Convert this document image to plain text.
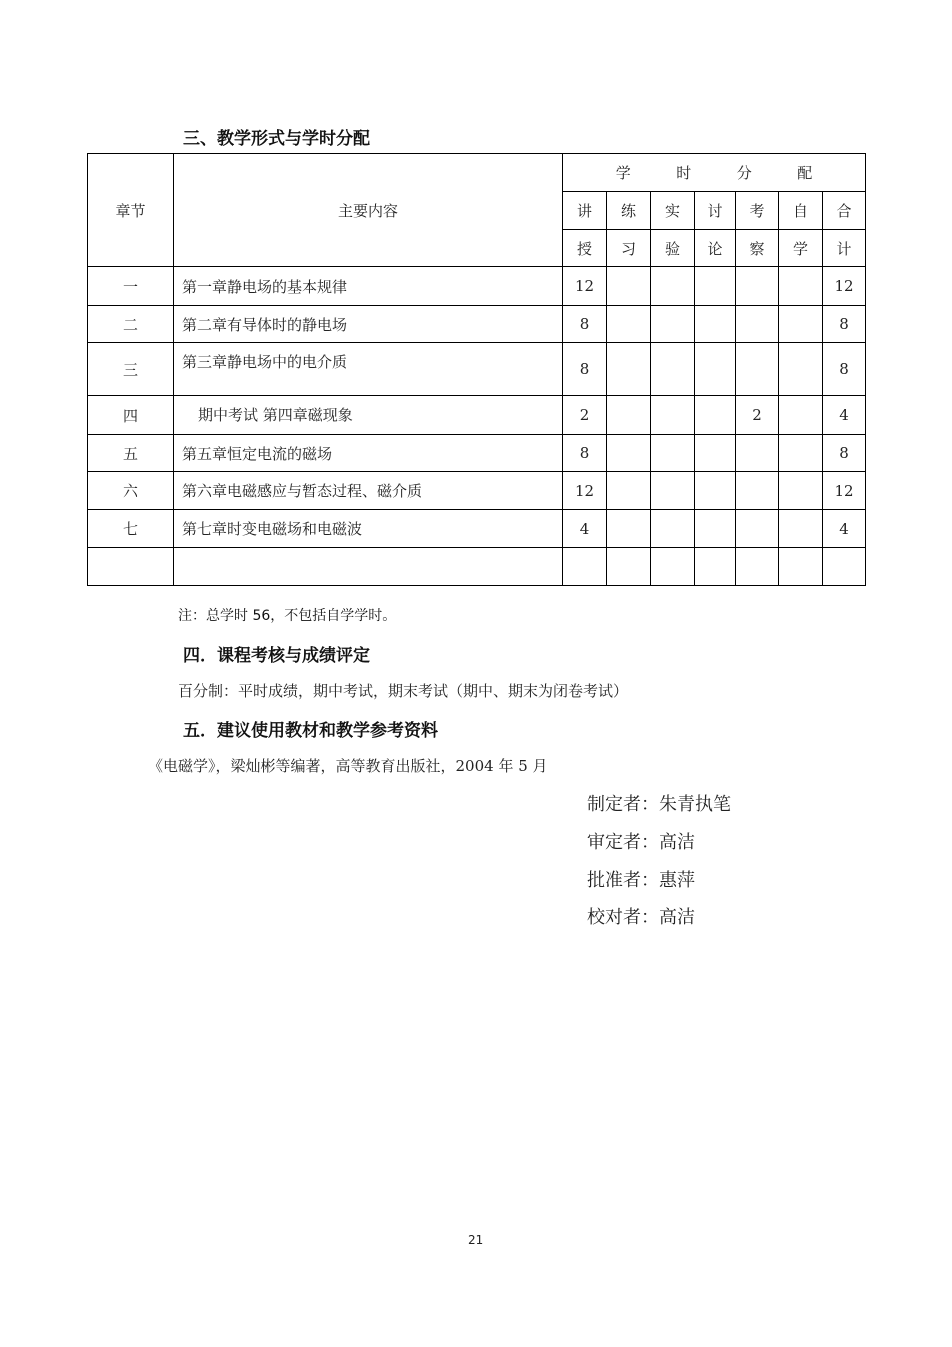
三、教学形式与学时分配
章节	主要内容	学 时 分 配						

		讲	练	实	讨	考	自	合
		授	习	验	论	察	学	计
一	第一章静电场的基本规律	12						12
二	第二章有导体时的静电场	8						8
三	第三章静电场中的电介质	8						8
四	期中考试 第四章磁现象	2				2		4
五	第五章恒定电流的磁场	8						8
六	第六章电磁感应与暂态过程、磁介质	12						12
七	第七章时变电磁场和电磁波	4						4

注：总学时 56，不包括自学学时。
四．课程考核与成绩评定
百分制：平时成绩，期中考试，期末考试（期中、期末为闭卷考试）
五．建议使用教材和教学参考资料
《电磁学》，梁灿彬等编著，高等教育出版社，2004 年 5 月
制定者：朱青执笔
审定者：高洁
批准者：惠萍
校对者：高洁
21
